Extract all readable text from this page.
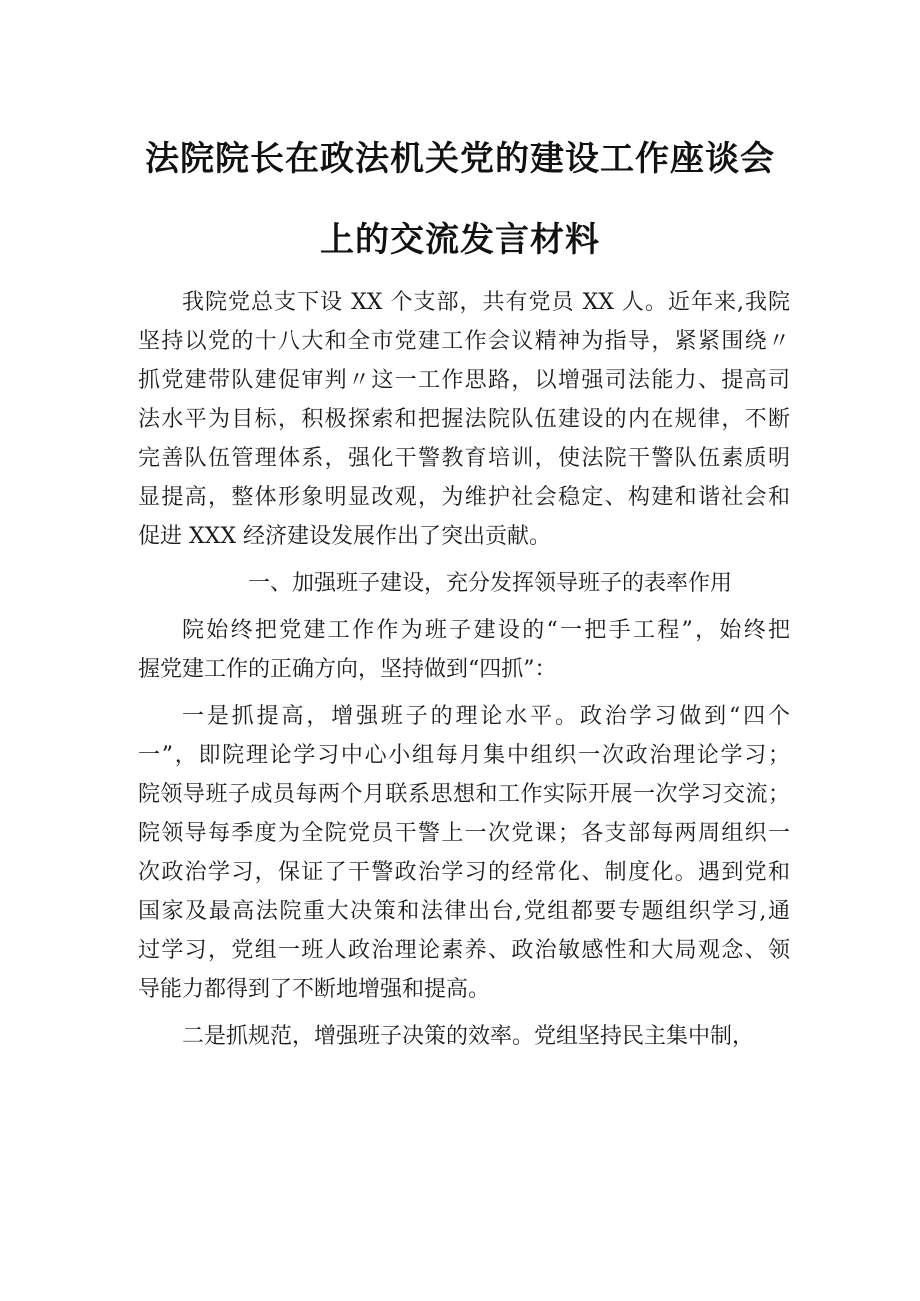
法院院长在政法机关党的建设工作座谈会
上的交流发言材料

我院党总支下设 XX 个支部，共有党员 XX 人。近年来,我院

坚持以党的十八大和全市党建工作会议精神为指导，紧紧围绕〃

抓党建带队建促审判〃这一工作思路，以增强司法能力、提高司

法水平为目标，积极探索和把握法院队伍建设的内在规律，不断

完善队伍管理体系，强化干警教育培训，使法院干警队伍素质明

显提高，整体形象明显改观，为维护社会稳定、构建和谐社会和

促进 XXX 经济建设发展作出了突出贡献。

一、加强班子建设，充分发挥领导班子的表率作用

院始终把党建工作作为班子建设的“一把手工程”，始终把

握党建工作的正确方向，坚持做到“四抓”：

一是抓提高，增强班子的理论水平。政治学习做到“四个

一”，即院理论学习中心小组每月集中组织一次政治理论学习；

院领导班子成员每两个月联系思想和工作实际开展一次学习交流；

院领导每季度为全院党员干警上一次党课；各支部每两周组织一

次政治学习，保证了干警政治学习的经常化、制度化。遇到党和

国家及最高法院重大决策和法律出台,党组都要专题组织学习,通

过学习，党组一班人政治理论素养、政治敏感性和大局观念、领

导能力都得到了不断地增强和提高。

二是抓规范，增强班子决策的效率。党组坚持民主集中制，
